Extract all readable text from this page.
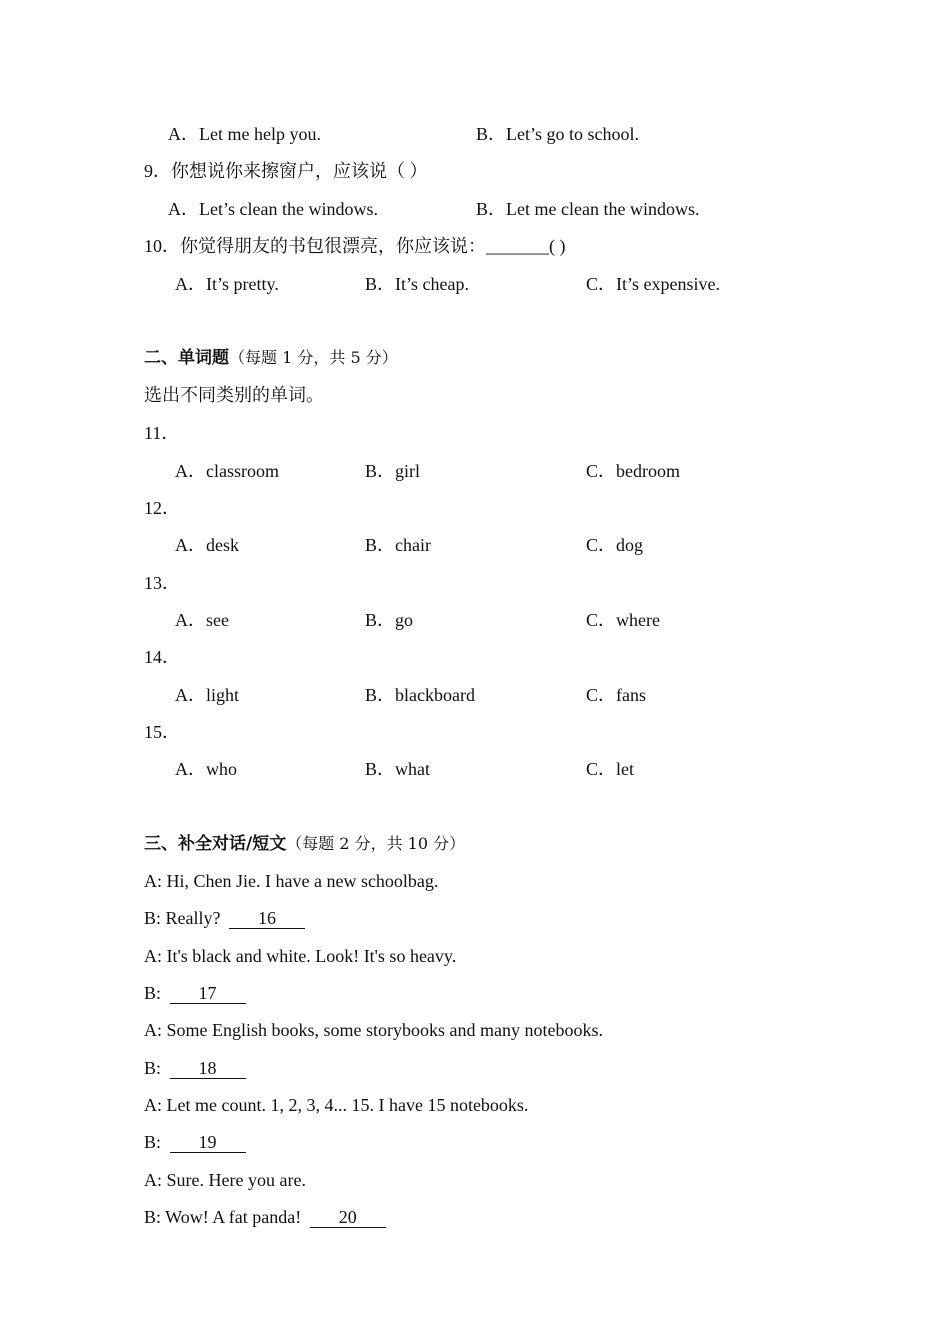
A．Let me help you.	B．Let’s go to school.
9．你想说你来擦窗户，应该说（ ）
A．Let’s clean the windows.	B．Let me clean the windows.
10．你觉得朋友的书包很漂亮，你应该说：_______( )
A．It’s pretty.	B．It’s cheap.	C．It’s expensive.
二、单词题（每题 1 分，共 5 分）
选出不同类别的单词。
11．
A．classroom	B．girl	C．bedroom
12．
A．desk	B．chair	C．dog
13．
A．see	B．go	C．where
14．
A．light	B．blackboard	C．fans
15．
A．who	B．what	C．let
三、补全对话/短文（每题 2 分，共 10 分）
A: Hi, Chen Jie. I have a new schoolbag.
B: Really? 16
A: It's black and white. Look! It's so heavy.
B: 17
A: Some English books, some storybooks and many notebooks.
B: 18
A: Let me count. 1, 2, 3, 4... 15. I have 15 notebooks.
B: 19
A: Sure. Here you are.
B: Wow! A fat panda! 20
